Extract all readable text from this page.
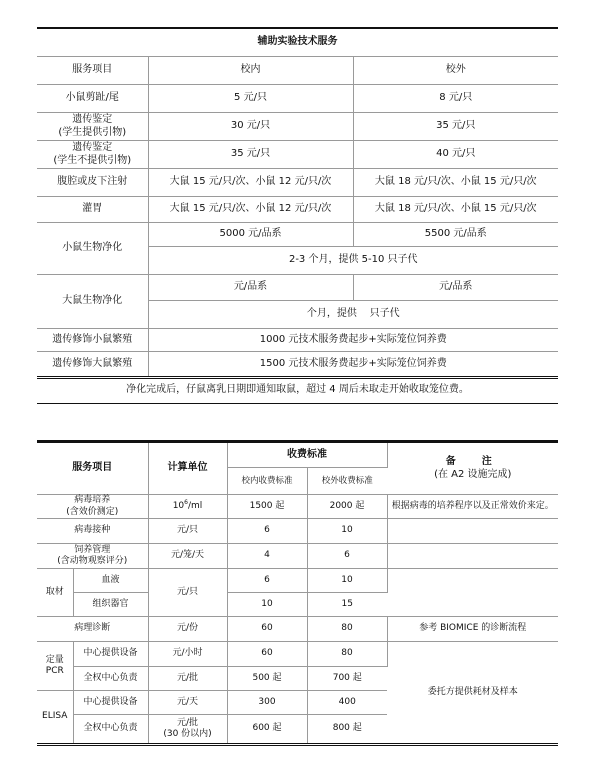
辅助实验技术服务		
服务项目	校内	校外
小鼠剪趾/尾	5 元/只	8 元/只
遗传鉴定
(学生提供引物)	30 元/只	35 元/只
遗传鉴定
(学生不提供引物)	35 元/只	40 元/只
腹腔或皮下注射	大鼠 15 元/只/次、小鼠 12 元/只/次	大鼠 18 元/只/次、小鼠 15 元/只/次
灌胃	大鼠 15 元/只/次、小鼠 12 元/只/次	大鼠 18 元/只/次、小鼠 15 元/只/次
小鼠生物净化	5000 元/品系	5500 元/品系
	2-3 个月，提供 5-10 只子代	
大鼠生物净化	元/品系	元/品系
	个月，提供    只子代	
遗传修饰小鼠繁殖	1000 元技术服务费起步+实际笼位饲养费	
遗传修饰大鼠繁殖	1500 元技术服务费起步+实际笼位饲养费	
净化完成后，仔鼠离乳日期即通知取鼠，超过 4 周后未取走开始收取笼位费。
服务项目		计算单位	收费标准		备　注
(在 A2 设施完成)

			校内收费标准	校外收费标准	
病毒培养
(含效价测定)		$10^6/ml$	1500 起	2000 起	根据病毒的培养程序以及正常效价来定。
病毒接种		元/只	6	10	
饲养管理
(含动物观察评分)		元/笼/天	4	6	
取材	血液	元/只	6	10	
	组织器官		10	15	
病理诊断		元/份	60	80	参考 BIOMICE 的诊断流程
定量
PCR	中心提供设备	元/小时	60	80	委托方提供耗材及样本
	全权中心负责	元/批	500 起	700 起	
ELISA	中心提供设备	元/天	300	400	
	全权中心负责	元/批
(30 份以内)	600 起	800 起	
